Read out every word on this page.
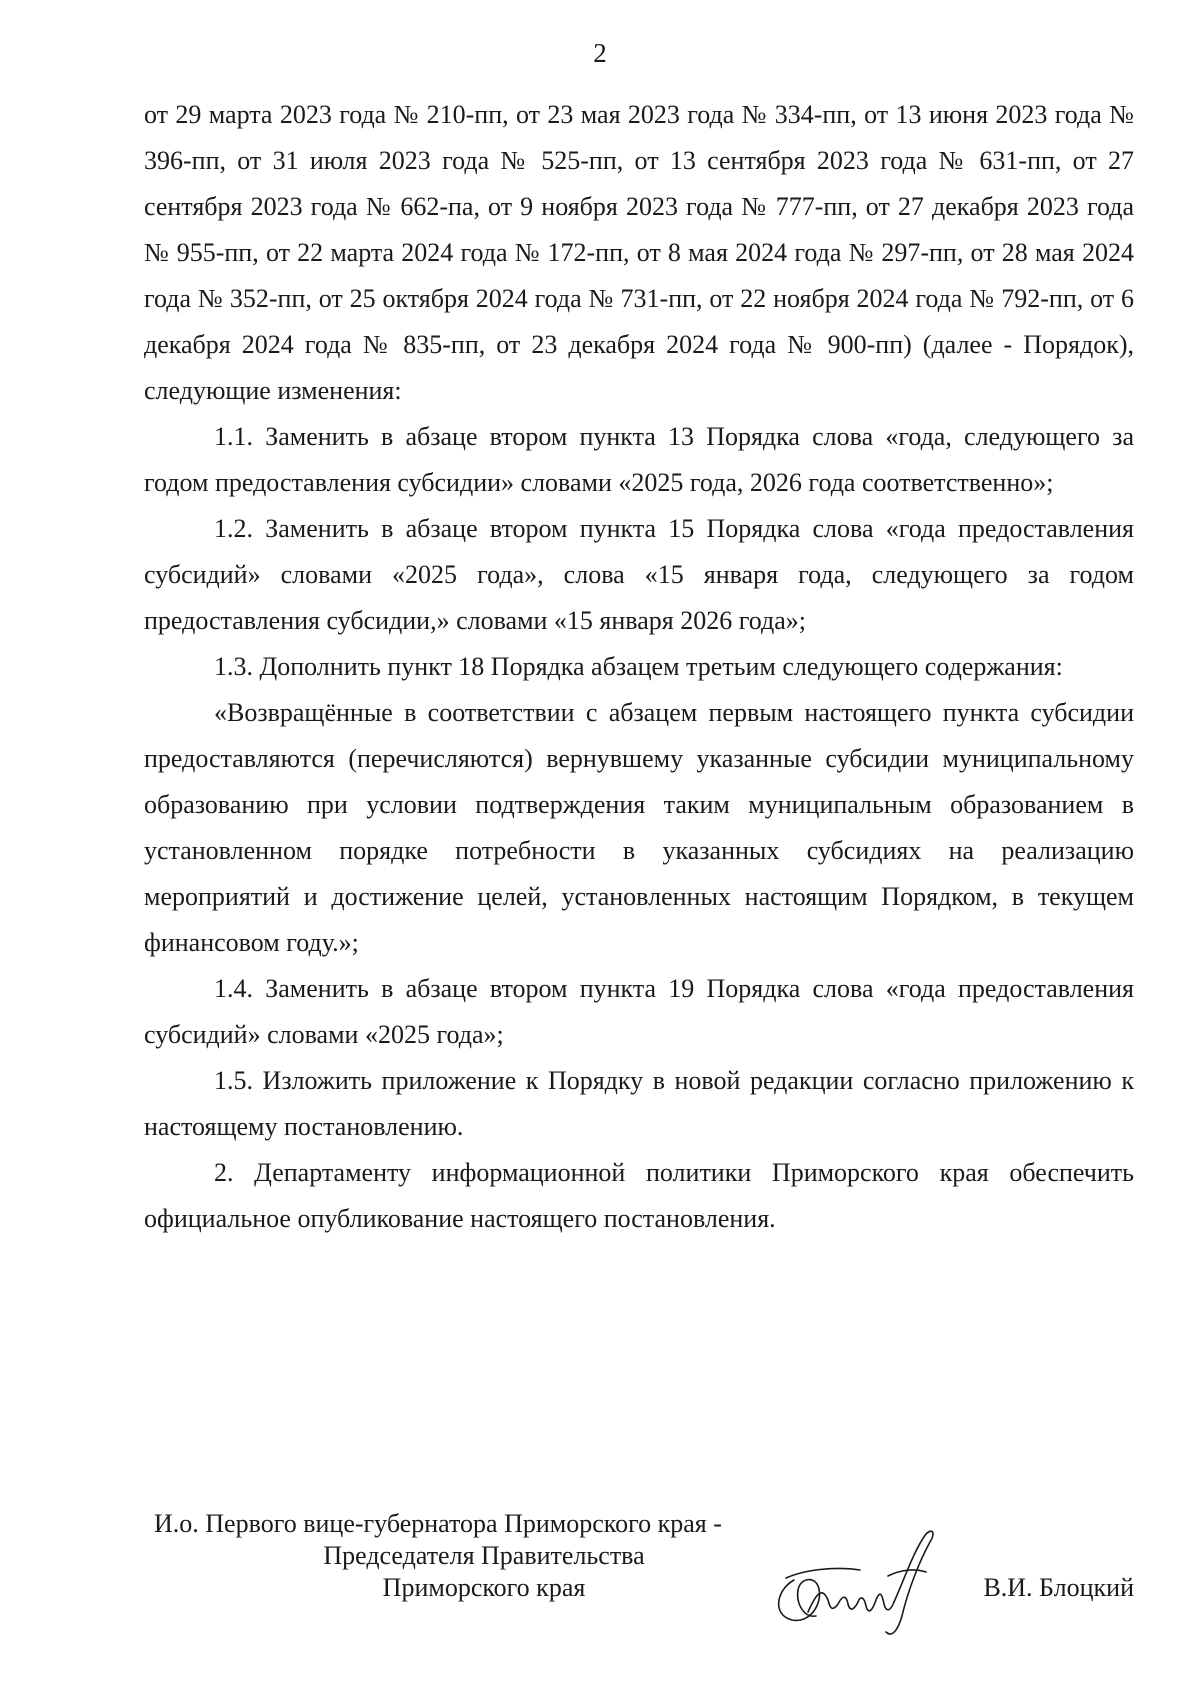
2

от 29 марта 2023 года № 210-пп, от 23 мая 2023 года № 334-пп, от 13 июня 2023 года № 396-пп, от 31 июля 2023 года № 525-пп, от 13 сентября 2023 года № 631-пп, от 27 сентября 2023 года № 662-па, от 9 ноября 2023 года № 777-пп, от 27 декабря 2023 года № 955-пп, от 22 марта 2024 года № 172-пп, от 8 мая 2024 года № 297-пп, от 28 мая 2024 года № 352-пп, от 25 октября 2024 года № 731-пп, от 22 ноября 2024 года № 792-пп, от 6 декабря 2024 года № 835-пп, от 23 декабря 2024 года № 900-пп) (далее - Порядок), следующие изменения:

1.1. Заменить в абзаце втором пункта 13 Порядка слова «года, следующего за годом предоставления субсидии» словами «2025 года, 2026 года соответственно»;

1.2. Заменить в абзаце втором пункта 15 Порядка слова «года предоставления субсидий» словами «2025 года», слова «15 января года, следующего за годом предоставления субсидии,» словами «15 января 2026 года»;

1.3. Дополнить пункт 18 Порядка абзацем третьим следующего содержания:

«Возвращённые в соответствии с абзацем первым настоящего пункта субсидии предоставляются (перечисляются) вернувшему указанные субсидии муниципальному образованию при условии подтверждения таким муниципальным образованием в установленном порядке потребности в указанных субсидиях на реализацию мероприятий и достижение целей, установленных настоящим Порядком, в текущем финансовом году.»;

1.4. Заменить в абзаце втором пункта 19 Порядка слова «года предоставления субсидий» словами «2025 года»;

1.5. Изложить приложение к Порядку в новой редакции согласно приложению к настоящему постановлению.

2. Департаменту информационной политики Приморского края обеспечить официальное опубликование настоящего постановления.

И.о. Первого вице-губернатора Приморского края -
Председателя Правительства
Приморского края	В.И. Блоцкий
